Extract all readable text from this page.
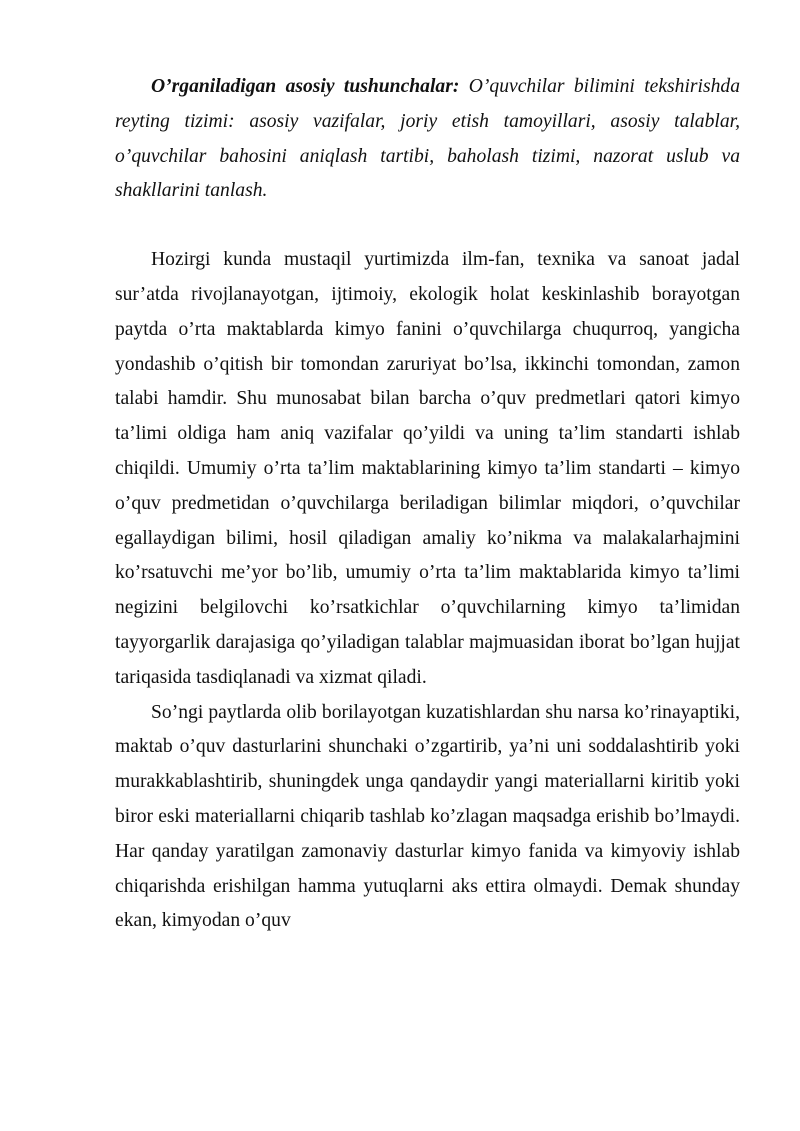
O’rganiladigan asosiy tushunchalar: O’quvchilar bilimini tekshirishda reyting tizimi: asosiy vazifalar, joriy etish tamoyillari, asosiy talablar, o’quvchilar bahosini aniqlash tartibi, baholash tizimi, nazorat uslub va shakllarini tanlash.

Hozirgi kunda mustaqil yurtimizda ilm-fan, texnika va sanoat jadal sur’atda rivojlanayotgan, ijtimoiy, ekologik holat keskinlashib borayotgan paytda o’rta maktablarda kimyo fanini o’quvchilarga chuqurroq, yangicha yondashib o’qitish bir tomondan zaruriyat bo’lsa, ikkinchi tomondan, zamon talabi hamdir. Shu munosabat bilan barcha o’quv predmetlari qatori kimyo ta’limi oldiga ham aniq vazifalar qo’yildi va uning ta’lim standarti ishlab chiqildi. Umumiy o’rta ta’lim maktablarining kimyo ta’lim standarti – kimyo o’quv predmetidan o’quvchilarga beriladigan bilimlar miqdori, o’quvchilar egallaydigan bilimi, hosil qiladigan amaliy ko’nikma va malakalarhajmini ko’rsatuvchi me’yor bo’lib, umumiy o’rta ta’lim maktablarida kimyo ta’limi negizini belgilovchi ko’rsatkichlar o’quvchilarning kimyo ta’limidan tayyorgarlik darajasiga qo’yiladigan talablar majmuasidan iborat bo’lgan hujjat tariqasida tasdiqlanadi va xizmat qiladi.

So’ngi paytlarda olib borilayotgan kuzatishlardan shu narsa ko’rinayaptiki, maktab o’quv dasturlarini shunchaki o’zgartirib, ya’ni uni soddalashtirib yoki murakkablashtirib, shuningdek unga qandaydir yangi materiallarni kiritib yoki biror eski materiallarni chiqarib tashlab ko’zlagan maqsadga erishib bo’lmaydi. Har qanday yaratilgan zamonaviy dasturlar kimyo fanida va kimyoviy ishlab chiqarishda erishilgan hamma yutuqlarni aks ettira olmaydi. Demak shunday ekan, kimyodan o’quv
